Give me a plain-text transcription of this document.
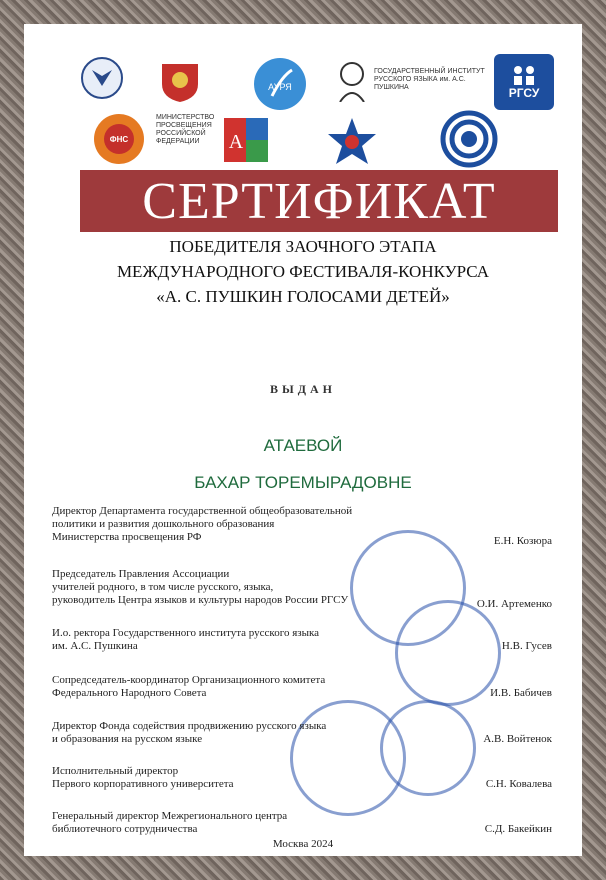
АУРЯ
ГОСУДАРСТВЕННЫЙ ИНСТИТУТ РУССКОГО ЯЗЫКА им. А.С. ПУШКИНА	РГСУ
ФНС
МИНИСТЕРСТВО ПРОСВЕЩЕНИЯ РОССИЙСКОЙ ФЕДЕРАЦИИ	А
СЕРТИФИКАТ
ПОБЕДИТЕЛЯ ЗАОЧНОГО ЭТАПА
МЕЖДУНАРОДНОГО ФЕСТИВАЛЯ-КОНКУРСА
«А. С. ПУШКИН ГОЛОСАМИ ДЕТЕЙ»
ВЫДАН
АТАЕВОЙ
БАХАР ТОРЕМЫРАДОВНЕ
Директор Департамента государственной общеобразовательной
политики и развития дошкольного образования
Министерства просвещения РФ	Е.Н. Козюра
Председатель Правления Ассоциации
учителей родного, в том числе русского, языка,
руководитель Центра языков и культуры народов России РГСУ	О.И. Артеменко
И.о. ректора Государственного института русского языка
им. А.С. Пушкина	Н.В. Гусев
Сопредседатель-координатор Организационного комитета
Федерального Народного Совета	И.В. Бабичев
Директор Фонда содействия продвижению русского языка
и образования на русском языке	А.В. Войтенок
Исполнительный директор
Первого корпоративного университета	С.Н. Ковалева
Генеральный директор Межрегионального центра
библиотечного сотрудничества	С.Д. Бакейкин
Москва 2024
